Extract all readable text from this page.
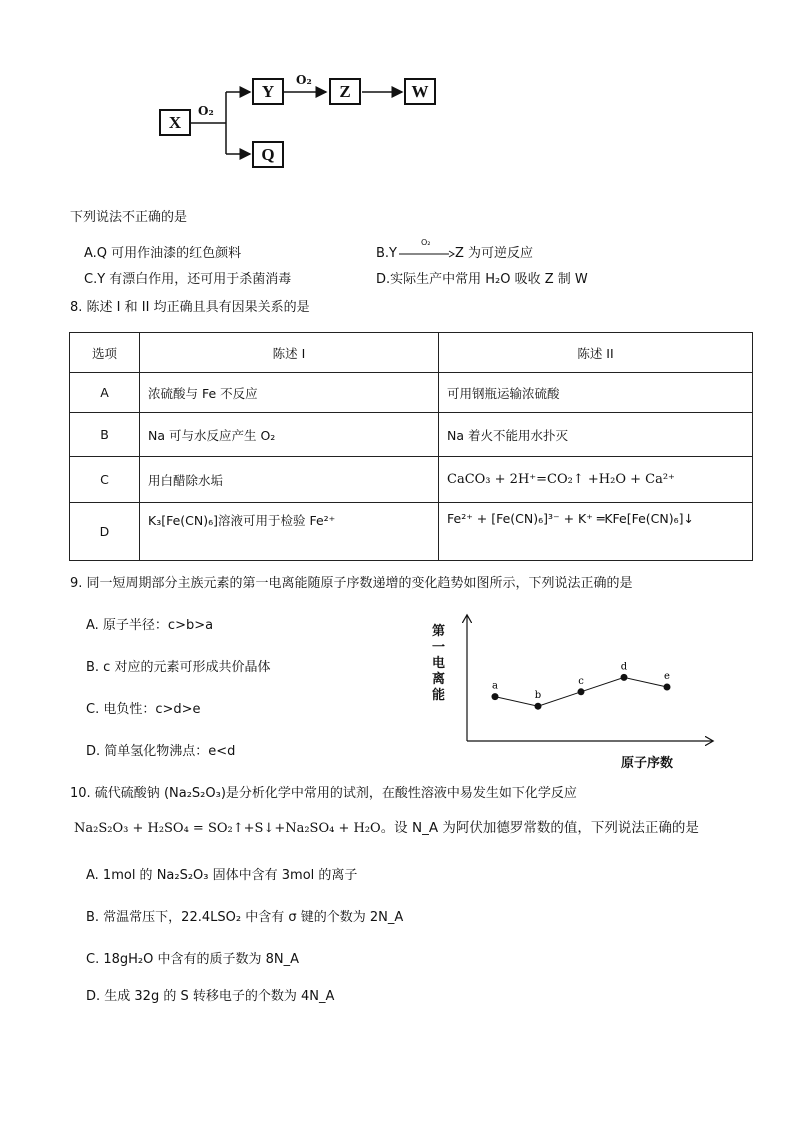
X
Y	Z	W
Q
O₂
O₂
下列说法不正确的是
A.Q 可用作油漆的红色颜料	B.Y
O₂
Z 为可逆反应
C.Y 有漂白作用，还可用于杀菌消毒	D.实际生产中常用 H₂O 吸收 Z 制 W
8. 陈述 I 和 II 均正确且具有因果关系的是
选项	陈述 I	陈述 II
A	浓硫酸与 Fe 不反应	可用钢瓶运输浓硫酸
B	Na 可与水反应产生 O₂	Na 着火不能用水扑灭
C	用白醋除水垢	CaCO₃ + 2H⁺=CO₂↑ +H₂O + Ca²⁺
D	K₃[Fe(CN)₆]溶液可用于检验 Fe²⁺	Fe²⁺ + [Fe(CN)₆]³⁻ + K⁺ ═KFe[Fe(CN)₆]↓
9. 同一短周期部分主族元素的第一电离能随原子序数递增的变化趋势如图所示，下列说法正确的是
A. 原子半径：c>b>a
B. c 对应的元素可形成共价晶体
C. 电负性：c>d>e
D. 简单氢化物沸点：e<d
第一电离能
a
b
c
d
e
原子序数
10. 硫代硫酸钠 (Na₂S₂O₃)是分析化学中常用的试剂，在酸性溶液中易发生如下化学反应
Na₂S₂O₃ + H₂SO₄ = SO₂↑+S↓+Na₂SO₄ + H₂O。设 N_A 为阿伏加德罗常数的值，下列说法正确的是
A. 1mol 的 Na₂S₂O₃ 固体中含有 3mol 的离子
B. 常温常压下，22.4LSO₂ 中含有 σ 键的个数为 2N_A
C. 18gH₂O 中含有的质子数为 8N_A
D. 生成 32g 的 S 转移电子的个数为 4N_A
